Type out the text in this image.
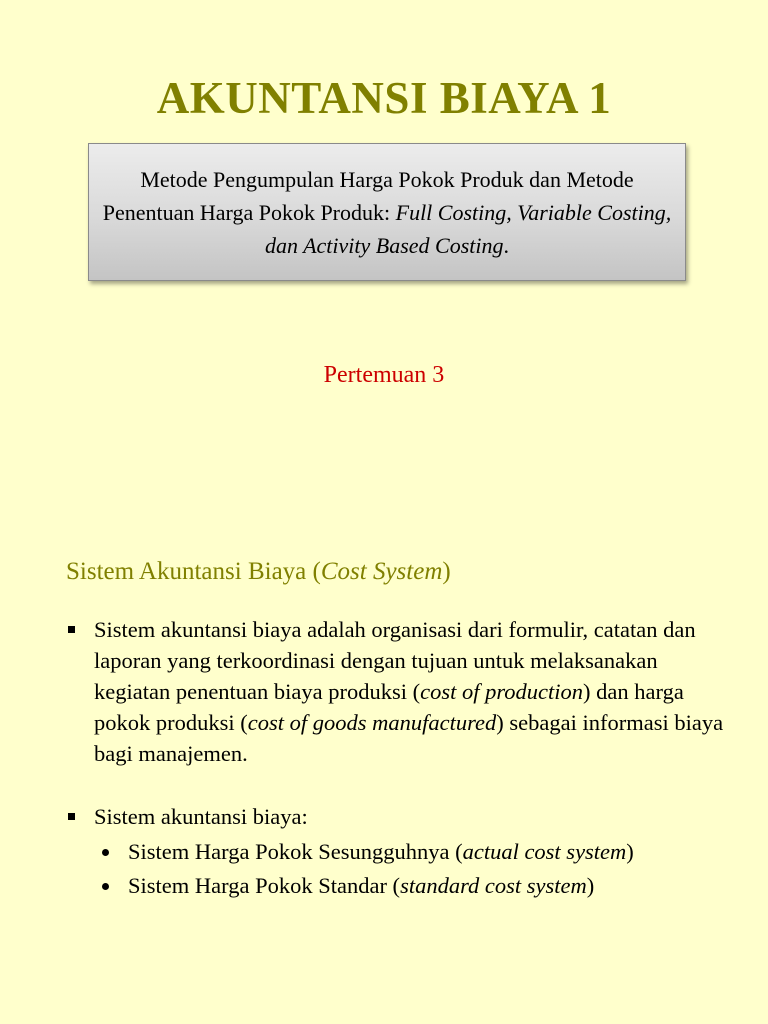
AKUNTANSI BIAYA 1
Metode Pengumpulan Harga Pokok Produk dan Metode Penentuan Harga Pokok Produk: Full Costing, Variable Costing, dan Activity Based Costing.
Pertemuan 3
Sistem Akuntansi Biaya (Cost System)
Sistem akuntansi biaya adalah organisasi dari formulir, catatan dan laporan yang terkoordinasi dengan tujuan untuk melaksanakan kegiatan penentuan biaya produksi (cost of production) dan harga pokok produksi (cost of goods manufactured) sebagai informasi biaya bagi manajemen.
Sistem akuntansi biaya:
Sistem Harga Pokok Sesungguhnya (actual cost system)
Sistem Harga Pokok Standar (standard cost system)
